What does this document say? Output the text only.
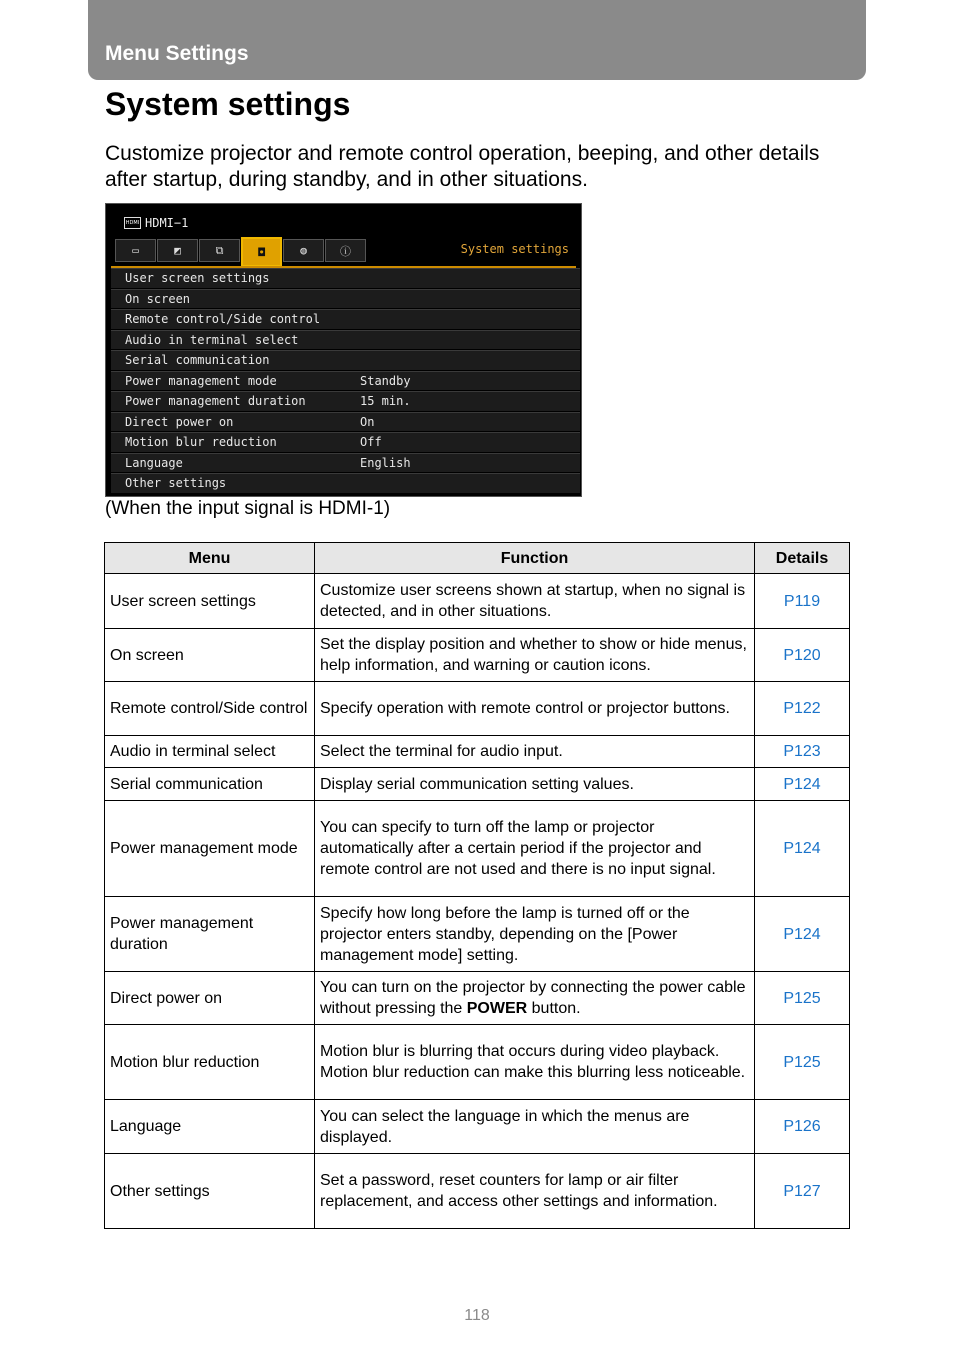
Menu Settings
System settings

Customize projector and remote control operation, beeping, and other details after startup, during standby, and in other situations.

HDMI HDMI−1
▭	◩	⧉	◘	◍	ⓘ	System settings
User screen settings
On screen
Remote control/Side control
Audio in terminal select
Serial communication
Power management mode	Standby
Power management duration	15 min.
Direct power on	On
Motion blur reduction	Off
Language	English
Other settings

(When the input signal is HDMI-1)

Menu	Function	Details
User screen settings	Customize user screens shown at startup, when no signal is detected, and in other situations.	P119
On screen	Set the display position and whether to show or hide menus, help information, and warning or caution icons.	P120
Remote control/Side control	Specify operation with remote control or projector buttons.	P122
Audio in terminal select	Select the terminal for audio input.	P123
Serial communication	Display serial communication setting values.	P124
Power management mode	You can specify to turn off the lamp or projector automatically after a certain period if the projector and remote control are not used and there is no input signal.	P124
Power management duration	Specify how long before the lamp is turned off or the projector enters standby, depending on the [Power management mode] setting.	P124
Direct power on	You can turn on the projector by connecting the power cable without pressing the POWER button.	P125
Motion blur reduction	Motion blur is blurring that occurs during video playback. Motion blur reduction can make this blurring less noticeable.	P125
Language	You can select the language in which the menus are displayed.	P126
Other settings	Set a password, reset counters for lamp or air filter replacement, and access other settings and information.	P127
118
